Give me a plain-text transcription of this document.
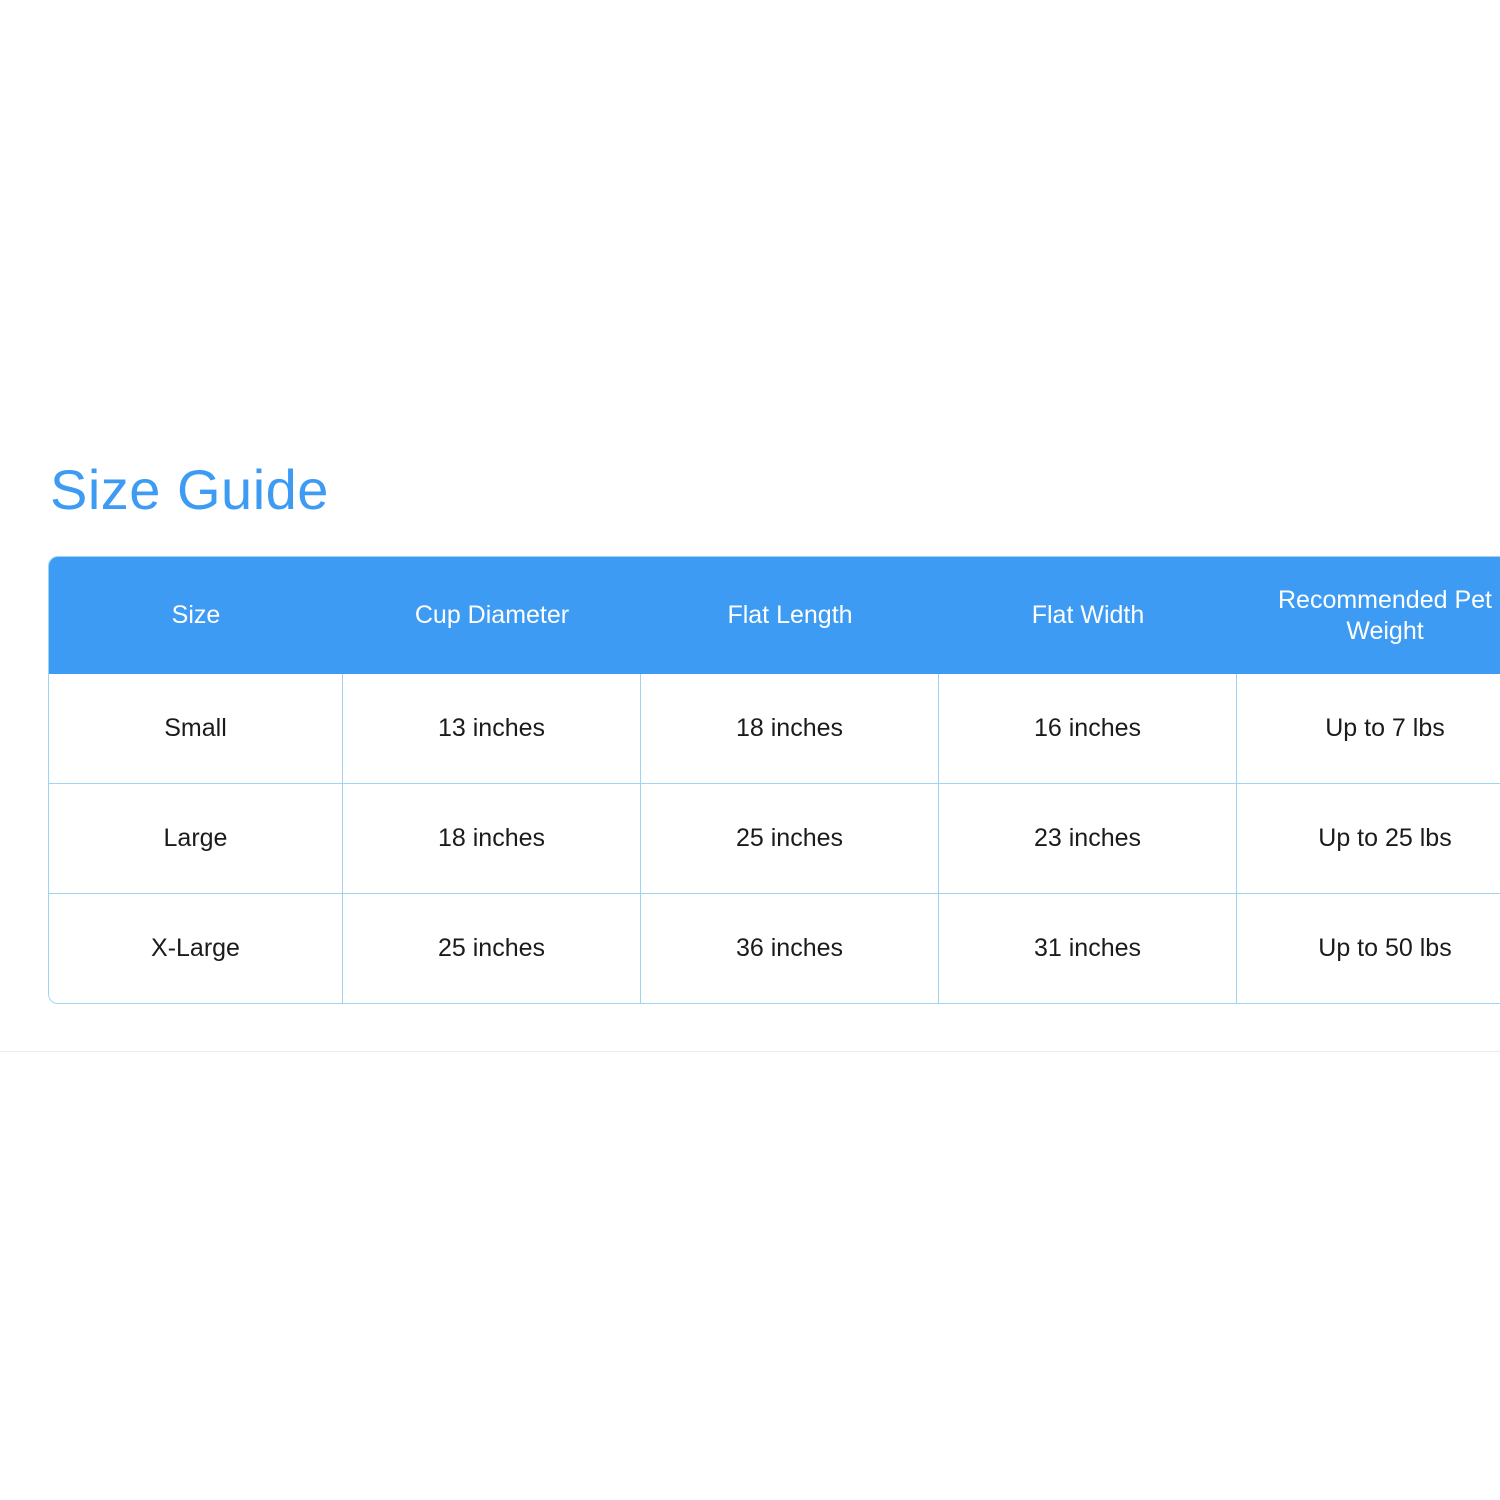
Size Guide
Size	Cup Diameter	Flat Length	Flat Width	Recommended Pet Weight
Small	13 inches	18 inches	16 inches	Up to 7 lbs
Large	18 inches	25 inches	23 inches	Up to 25 lbs
X-Large	25 inches	36 inches	31 inches	Up to 50 lbs
